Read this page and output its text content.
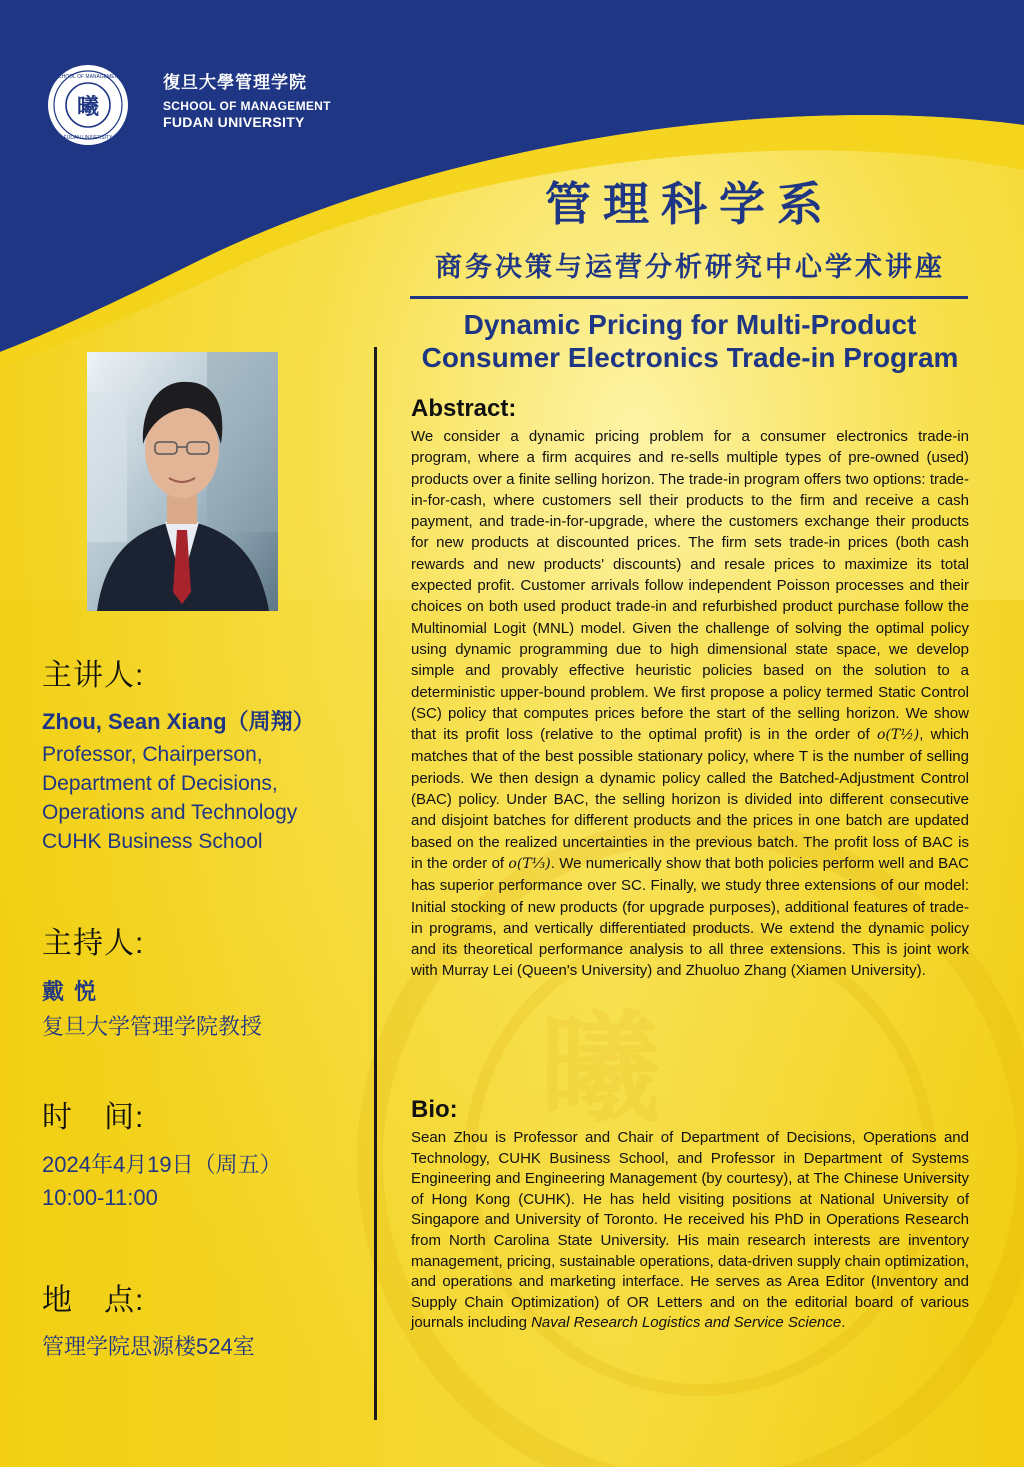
曦
曦
SCHOOL OF MANAGEMENT
FUDAN UNIVERSITY
復旦大學管理学院
SCHOOL OF MANAGEMENT
FUDAN UNIVERSITY
管理科学系
商务决策与运营分析研究中心学术讲座
Dynamic Pricing for Multi-Product
Consumer Electronics Trade-in Program
主讲人:
Zhou, Sean Xiang（周翔）
Professor, Chairperson,
Department of Decisions,
Operations and Technology
CUHK Business School
主持人:
戴悦
复旦大学管理学院教授
时　间:
2024年4月19日（周五）
10:00-11:00
地　点:
管理学院思源楼524室
Abstract:
We consider a dynamic pricing problem for a consumer electronics trade-in program, where a firm acquires and re-sells multiple types of pre-owned (used) products over a finite selling horizon. The trade-in program offers two options: trade-in-for-cash, where customers sell their products to the firm and receive a cash payment, and trade-in-for-upgrade, where the customers exchange their products for new products at discounted prices. The firm sets trade-in prices (both cash rewards and new products' discounts) and resale prices to maximize its total expected profit. Customer arrivals follow independent Poisson processes and their choices on both used product trade-in and refurbished product purchase follow the Multinomial Logit (MNL) model. Given the challenge of solving the optimal policy using dynamic programming due to high dimensional state space, we develop simple and provably effective heuristic policies based on the solution to a deterministic upper-bound problem. We first propose a policy termed Static Control (SC) policy that computes prices before the start of the selling horizon. We show that its profit loss (relative to the optimal profit) is in the order of o(T½), which matches that of the best possible stationary policy, where T is the number of selling periods. We then design a dynamic policy called the Batched-Adjustment Control (BAC) policy. Under BAC, the selling horizon is divided into different consecutive and disjoint batches for different products and the prices in one batch are updated based on the realized uncertainties in the previous batch. The profit loss of BAC is in the order of o(T⅓). We numerically show that both policies perform well and BAC has superior performance over SC. Finally, we study three extensions of our model: Initial stocking of new products (for upgrade purposes), additional features of trade-in programs, and vertically differentiated products. We extend the dynamic policy and its theoretical performance analysis to all three extensions. This is joint work with Murray Lei (Queen's University) and Zhuoluo Zhang (Xiamen University).
Bio:
Sean Zhou is Professor and Chair of Department of Decisions, Operations and Technology, CUHK Business School, and Professor in Department of Systems Engineering and Engineering Management (by courtesy), at The Chinese University of Hong Kong (CUHK). He has held visiting positions at National University of Singapore and University of Toronto. He received his PhD in Operations Research from North Carolina State University. His main research interests are inventory management, pricing, sustainable operations, data-driven supply chain optimization, and operations and marketing interface. He serves as Area Editor (Inventory and Supply Chain Optimization) of OR Letters and on the editorial board of various journals including Naval Research Logistics and Service Science.
